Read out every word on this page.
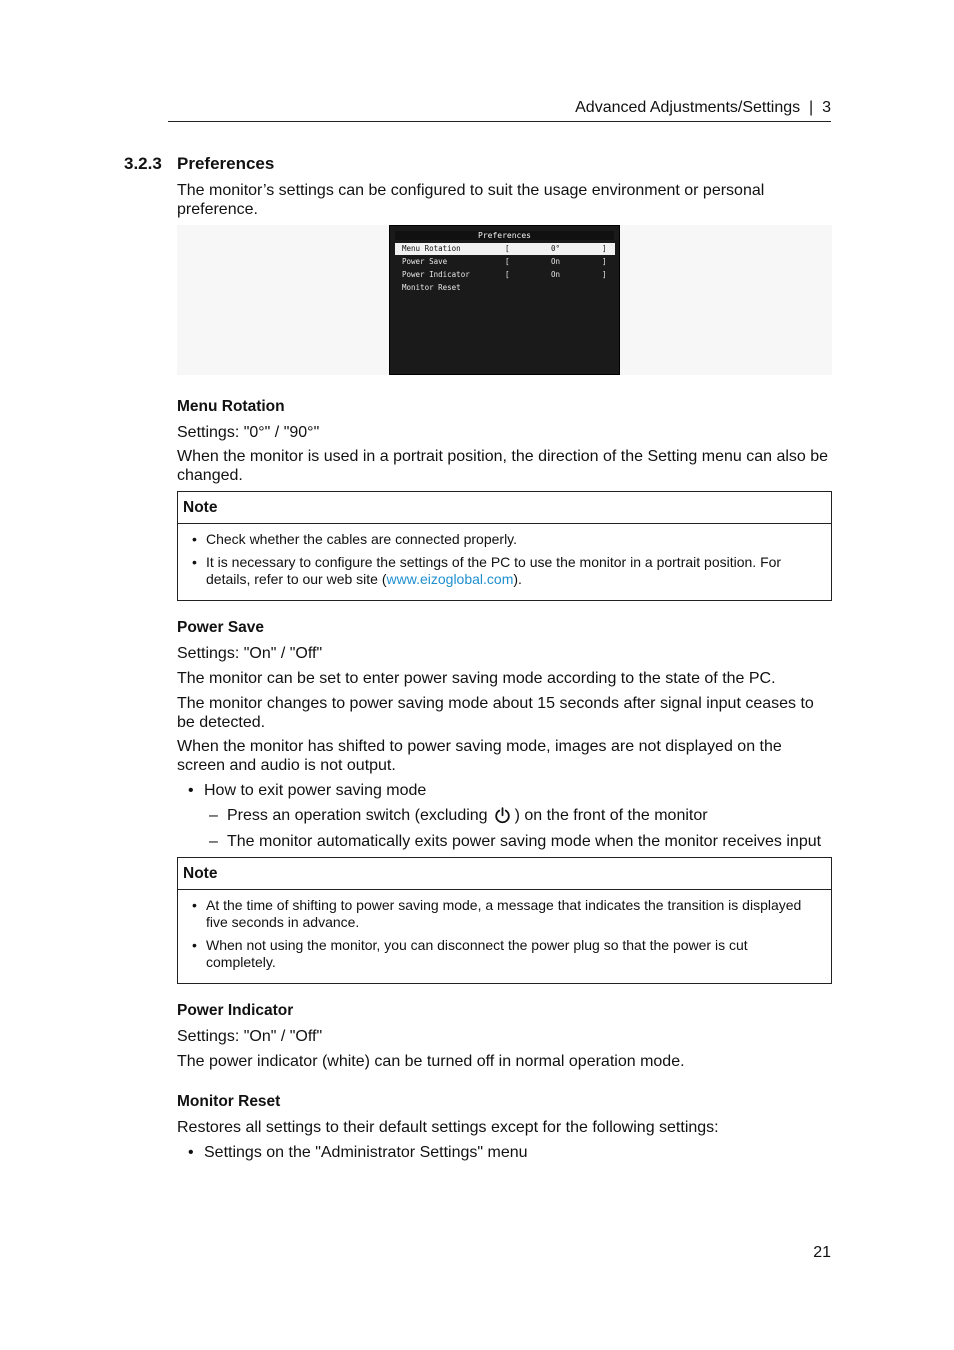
Advanced Adjustments/Settings | 3
3.2.3 Preferences
The monitor’s settings can be configured to suit the usage environment or personal preference.
Preferences
Menu Rotation	[	0°	]
Power Save	[	On	]
Power Indicator	[	On	]
Monitor Reset
Menu Rotation
Settings: "0°" / "90°"
When the monitor is used in a portrait position, the direction of the Setting menu can also be changed.
Note
• Check whether the cables are connected properly.
• It is necessary to configure the settings of the PC to use the monitor in a portrait position. For details, refer to our web site (www.eizoglobal.com).
Power Save
Settings: "On" / "Off"
The monitor can be set to enter power saving mode according to the state of the PC.
The monitor changes to power saving mode about 15 seconds after signal input ceases to be detected.
When the monitor has shifted to power saving mode, images are not displayed on the screen and audio is not output.
• How to exit power saving mode
– Press an operation switch (excluding ) on the front of the monitor
– The monitor automatically exits power saving mode when the monitor receives input
Note
• At the time of shifting to power saving mode, a message that indicates the transition is displayed five seconds in advance.
• When not using the monitor, you can disconnect the power plug so that the power is cut completely.
Power Indicator
Settings: "On" / "Off"
The power indicator (white) can be turned off in normal operation mode.
Monitor Reset
Restores all settings to their default settings except for the following settings:
• Settings on the "Administrator Settings" menu
21
